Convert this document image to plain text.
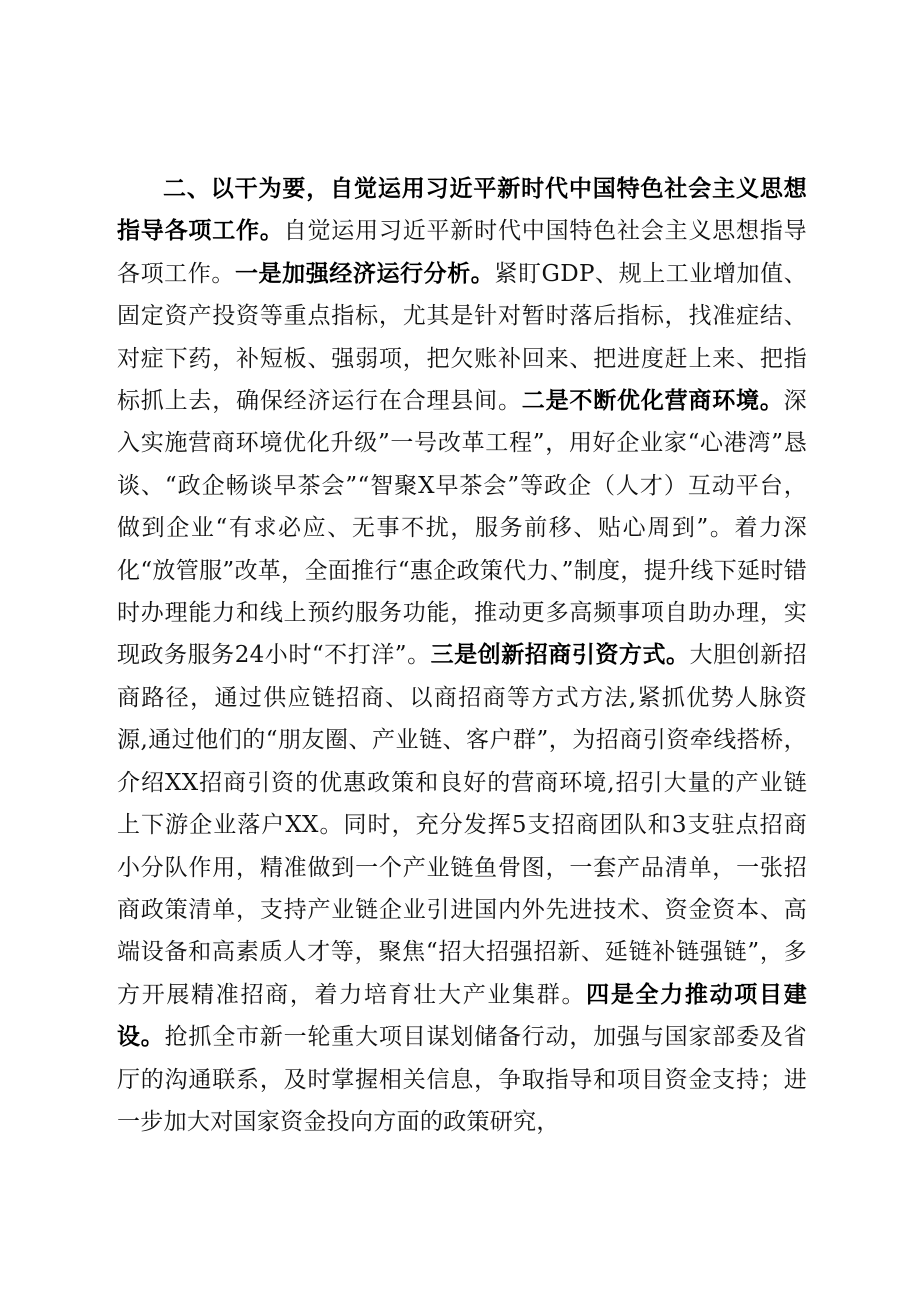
二、以干为要，自觉运用习近平新时代中国特色社会主义思想指导各项工作。自觉运用习近平新时代中国特色社会主义思想指导各项工作。一是加强经济运行分析。紧盯GDP、规上工业增加值、固定资产投资等重点指标，尤其是针对暂时落后指标，找准症结、对症下药，补短板、强弱项，把欠账补回来、把进度赶上来、把指标抓上去，确保经济运行在合理县间。二是不断优化营商环境。深入实施营商环境优化升级”一号改革工程”，用好企业家“心港湾”恳谈、“政企畅谈早茶会”“智聚X早茶会”等政企（人才）互动平台，做到企业“有求必应、无事不扰，服务前移、贴心周到”。着力深化“放管服”改革，全面推行“惠企政策代力、”制度，提升线下延时错时办理能力和线上预约服务功能，推动更多高频事项自助办理，实现政务服务24小时“不打洋”。三是创新招商引资方式。大胆创新招商路径，通过供应链招商、以商招商等方式方法,紧抓优势人脉资源,通过他们的“朋友圈、产业链、客户群”，为招商引资牵线搭桥，介绍XX招商引资的优惠政策和良好的营商环境,招引大量的产业链上下游企业落户XX。同时，充分发挥5支招商团队和3支驻点招商小分队作用，精准做到一个产业链鱼骨图，一套产品清单，一张招商政策清单，支持产业链企业引进国内外先进技术、资金资本、高端设备和高素质人才等，聚焦“招大招强招新、延链补链强链”，多方开展精准招商，着力培育壮大产业集群。四是全力推动项目建设。抢抓全市新一轮重大项目谋划储备行动，加强与国家部委及省厅的沟通联系，及时掌握相关信息，争取指导和项目资金支持；进一步加大对国家资金投向方面的政策研究，
